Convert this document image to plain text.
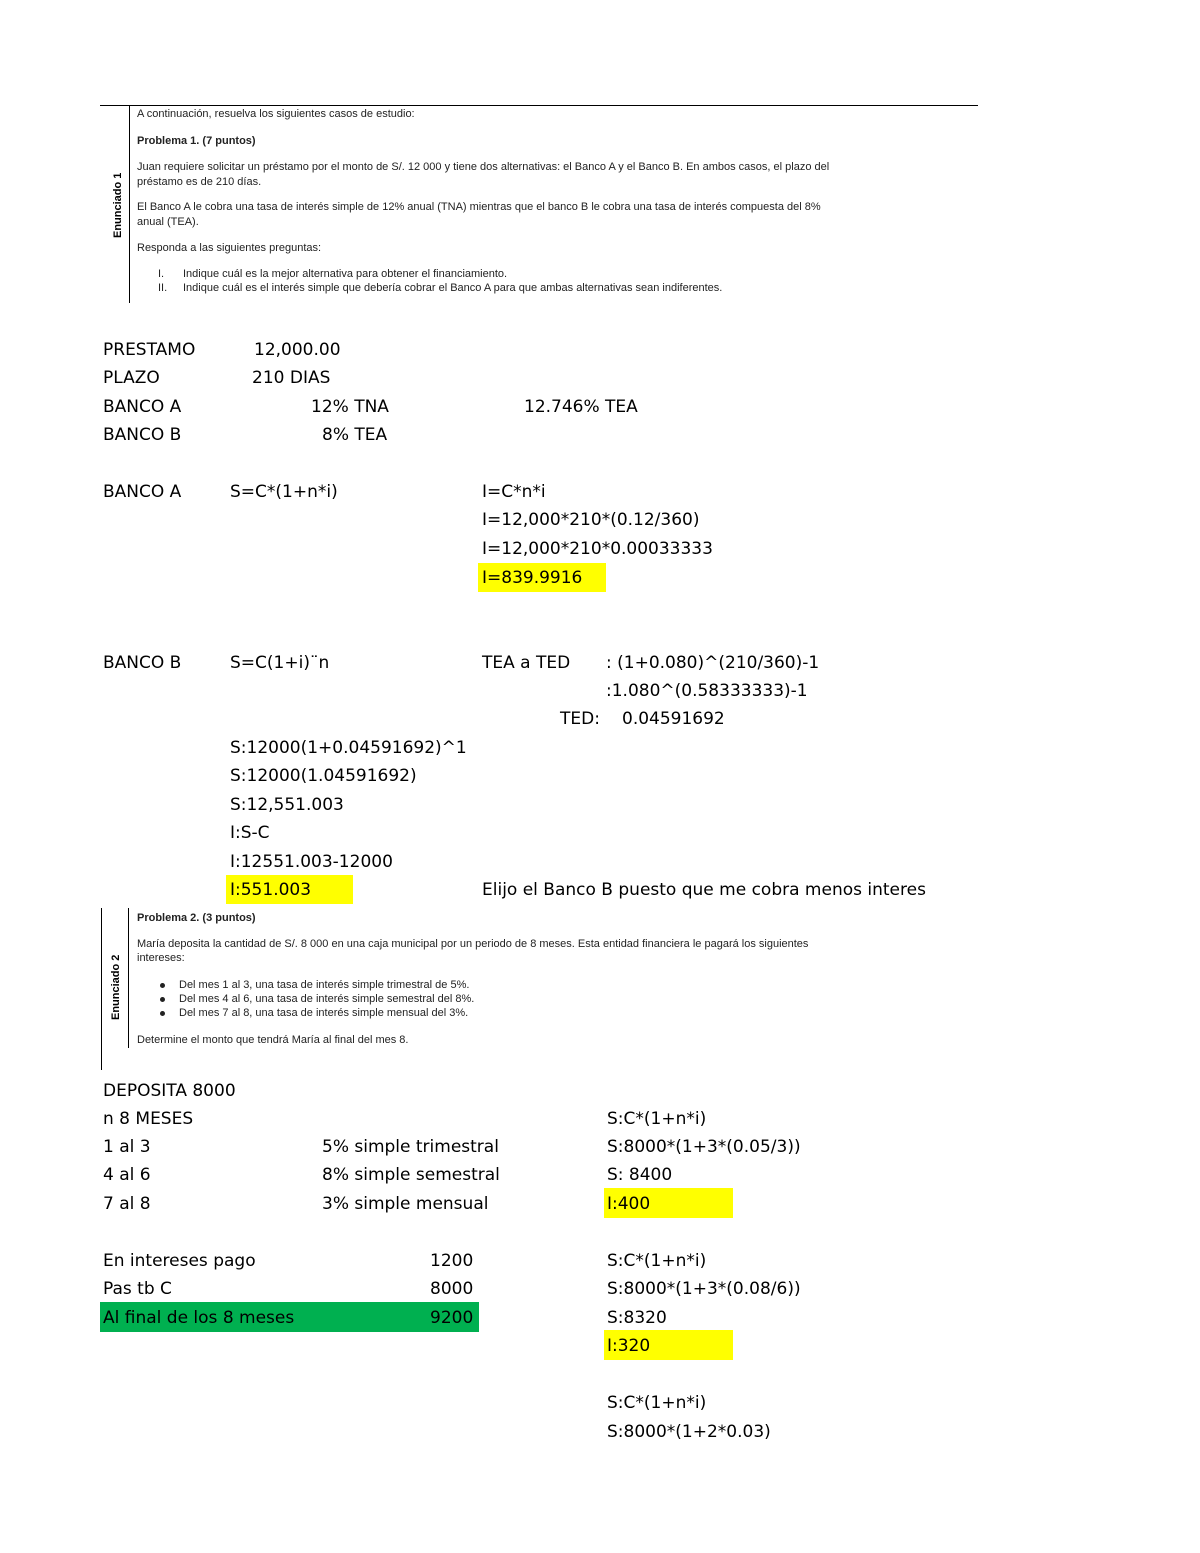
Enunciado 1
A continuación, resuelva los siguientes casos de estudio:
Problema 1. (7 puntos)
Juan requiere solicitar un préstamo por el monto de S/. 12 000 y tiene dos alternativas: el Banco A y el Banco B. En ambos casos, el plazo del
préstamo es de 210 días.
El Banco A le cobra una tasa de interés simple de 12% anual (TNA) mientras que el banco B le cobra una tasa de interés compuesta del 8%
anual (TEA).
Responda a las siguientes preguntas:
I. Indique cuál es la mejor alternativa para obtener el financiamiento.
II. Indique cuál es el interés simple que debería cobrar el Banco A para que ambas alternativas sean indiferentes.
PRESTAMO	12,000.00
PLAZO	210 DIAS
BANCO A	12% TNA	12.746% TEA
BANCO B	8% TEA
BANCO A	S=C*(1+n*i)	I=C*n*i
I=12,000*210*(0.12/360)
I=12,000*210*0.00033333
I=839.9916
BANCO B	S=C(1+i)¨n	TEA a TED : (1+0.080)^(210/360)-1
:1.080^(0.58333333)-1
TED: 0.04591692
S:12000(1+0.04591692)^1
S:12000(1.04591692)
S:12,551.003
I:S-C
I:12551.003-12000
I:551.003	Elijo el Banco B puesto que me cobra menos interes
Enunciado 2
Problema 2. (3 puntos)
María deposita la cantidad de S/. 8 000 en una caja municipal por un periodo de 8 meses. Esta entidad financiera le pagará los siguientes
intereses:
Del mes 1 al 3, una tasa de interés simple trimestral de 5%.
Del mes 4 al 6, una tasa de interés simple semestral del 8%.
Del mes 7 al 8, una tasa de interés simple mensual del 3%.
Determine el monto que tendrá María al final del mes 8.
DEPOSITA 8000
n 8 MESES
1 al 3	5% simple trimestral
4 al 6	8% simple semestral
7 al 8	3% simple mensual
En intereses pago	1200
Pas tb C	8000
Al final de los 8 meses	9200
S:C*(1+n*i)
S:8000*(1+3*(0.05/3))
S: 8400
I:400
S:C*(1+n*i)
S:8000*(1+3*(0.08/6))
S:8320
I:320
S:C*(1+n*i)
S:8000*(1+2*0.03)
